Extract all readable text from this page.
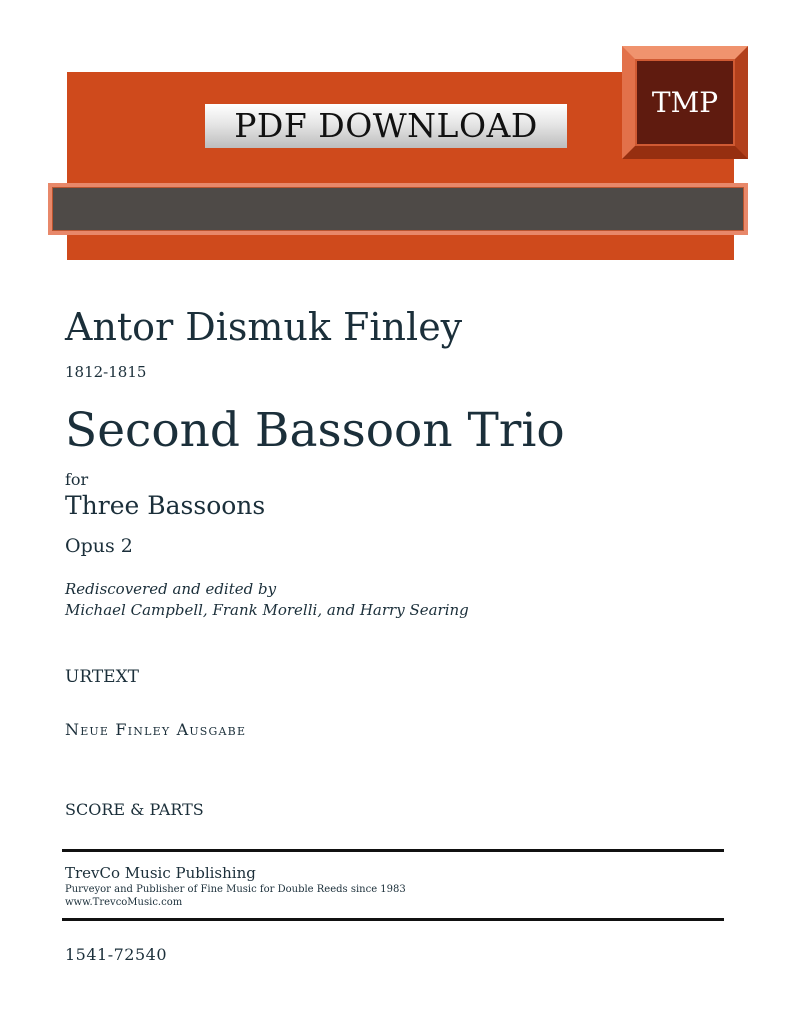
PDF DOWNLOAD
TMP
Antor Dismuk Finley
1812-1815
Second Bassoon Trio
for
Three Bassoons
Opus 2
Rediscovered and edited by
Michael Campbell, Frank Morelli, and Harry Searing
URTEXT
Neue Finley Ausgabe
SCORE & PARTS
TrevCo Music Publishing
Purveyor and Publisher of Fine Music for Double Reeds since 1983
www.TrevcoMusic.com
1541-72540
